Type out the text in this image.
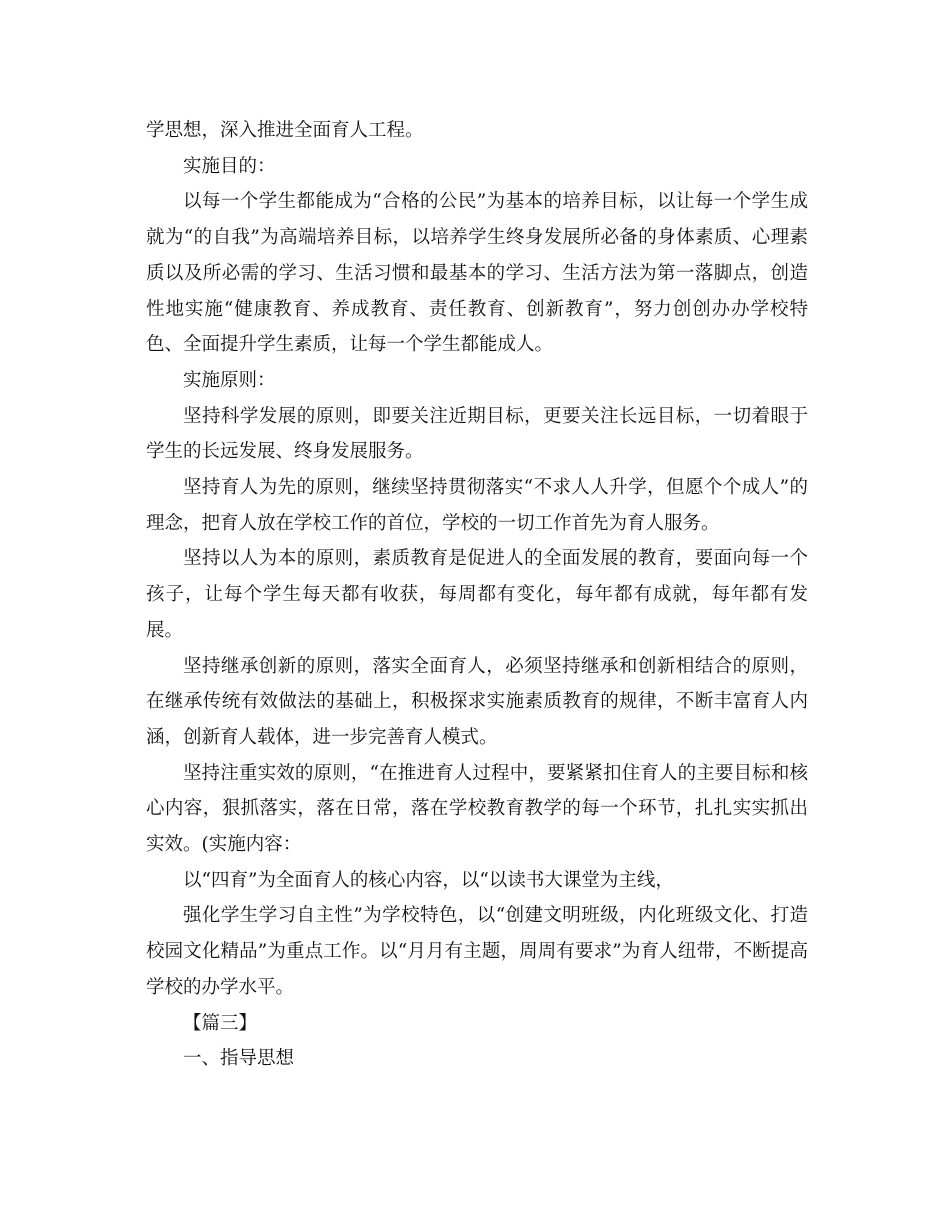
学思想，深入推进全面育人工程。

实施目的：

以每一个学生都能成为“合格的公民”为基本的培养目标，以让每一个学生成就为“的自我”为高端培养目标，以培养学生终身发展所必备的身体素质、心理素质以及所必需的学习、生活习惯和最基本的学习、生活方法为第一落脚点，创造性地实施“健康教育、养成教育、责任教育、创新教育”，努力创创办办学校特色、全面提升学生素质，让每一个学生都能成人。

实施原则：

坚持科学发展的原则，即要关注近期目标，更要关注长远目标，一切着眼于学生的长远发展、终身发展服务。

坚持育人为先的原则，继续坚持贯彻落实“不求人人升学，但愿个个成人”的理念，把育人放在学校工作的首位，学校的一切工作首先为育人服务。

坚持以人为本的原则，素质教育是促进人的全面发展的教育，要面向每一个孩子，让每个学生每天都有收获，每周都有变化，每年都有成就，每年都有发展。

坚持继承创新的原则，落实全面育人，必须坚持继承和创新相结合的原则，在继承传统有效做法的基础上，积极探求实施素质教育的规律，不断丰富育人内涵，创新育人载体，进一步完善育人模式。

坚持注重实效的原则，“在推进育人过程中，要紧紧扣住育人的主要目标和核心内容，狠抓落实，落在日常，落在学校教育教学的每一个环节，扎扎实实抓出实效。(实施内容：

以“四育”为全面育人的核心内容，以“以读书大课堂为主线，

强化学生学习自主性”为学校特色，以“创建文明班级，内化班级文化、打造校园文化精品”为重点工作。以“月月有主题，周周有要求”为育人纽带，不断提高学校的办学水平。

【篇三】

一、指导思想
